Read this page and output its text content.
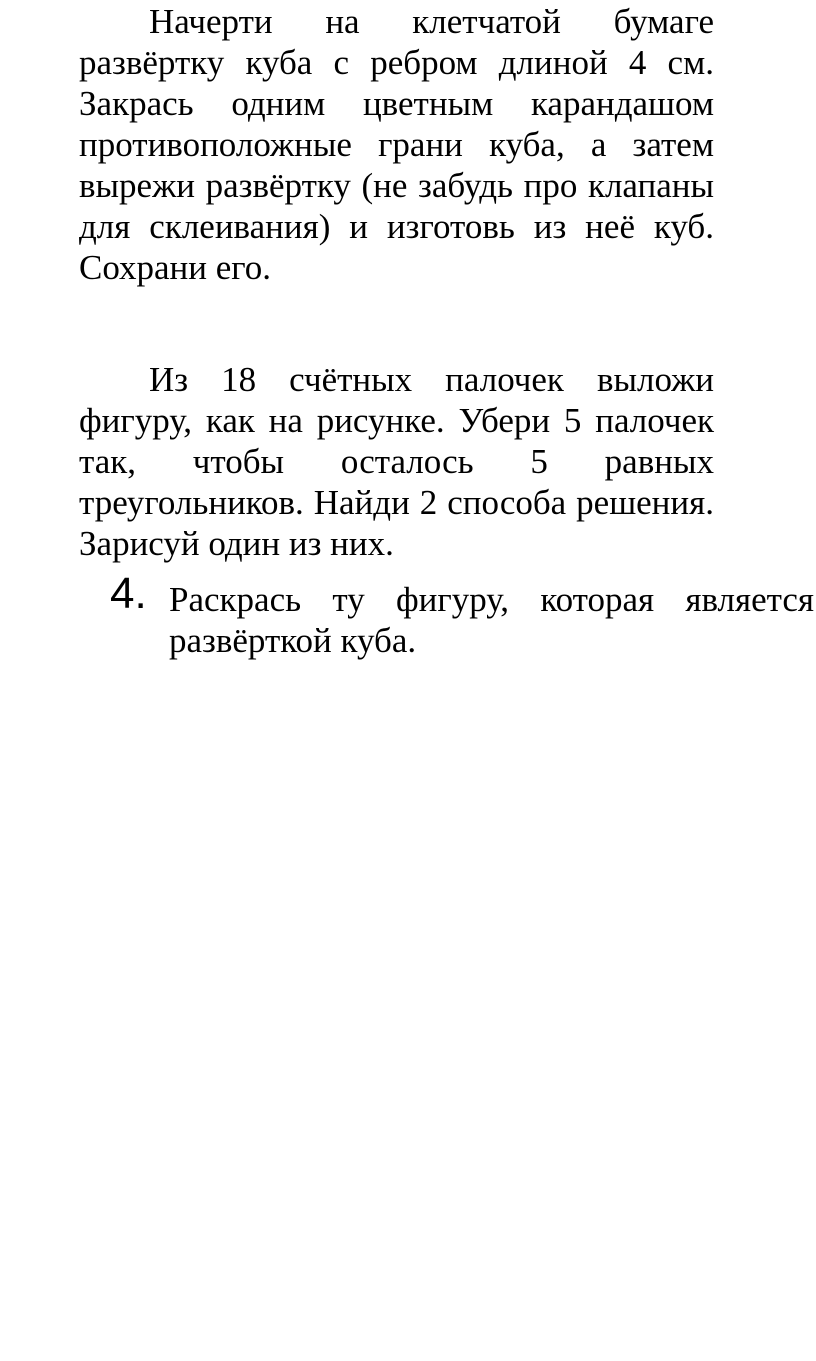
Начерти на клетчатой бумаге развёртку куба с ребром длиной 4 см. Закрась одним цветным карандашом противоположные грани куба, а затем вырежи развёртку (не забудь про клапаны для склеивания) и изготовь из неё куб. Сохрани его.

Из 18 счётных палочек выложи фигуру, как на рисунке. Убери 5 палочек так, чтобы осталось 5 равных треугольников. Найди 2 способа решения. Зарисуй один из них.

4. Раскрась ту фигуру, которая является развёрткой куба.
